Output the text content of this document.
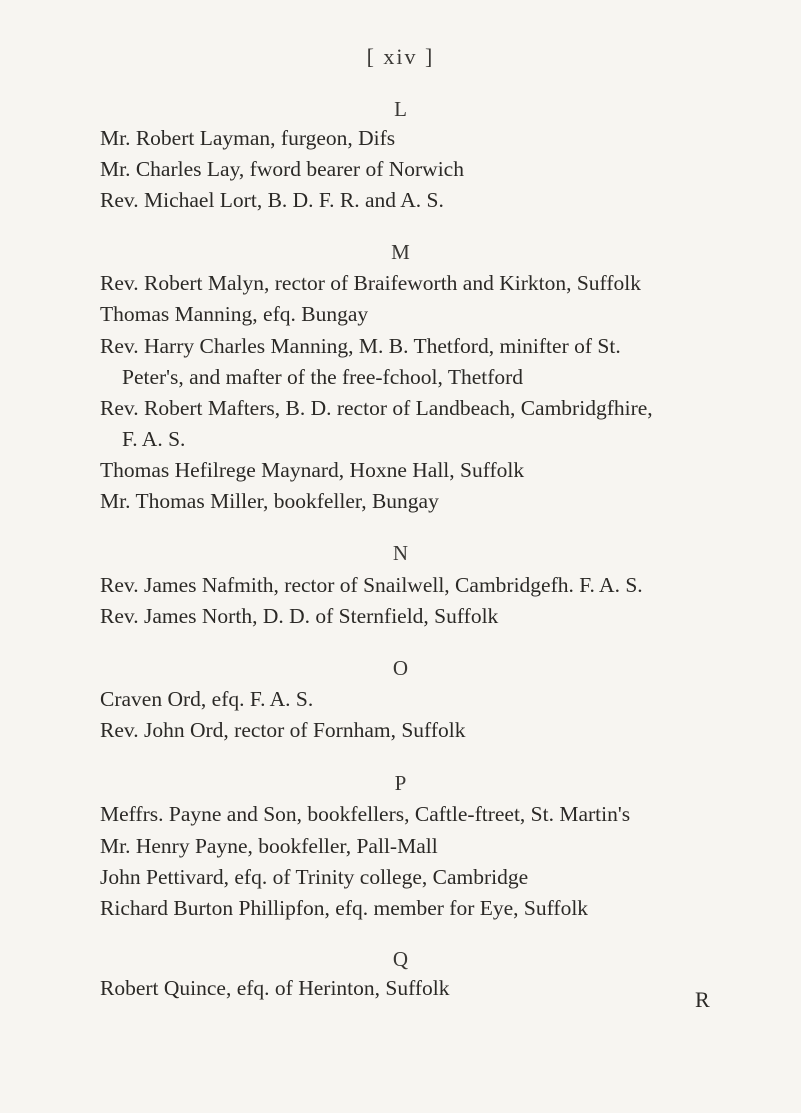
[ xiv ]
L
Mr. Robert Layman, furgeon, Difs
Mr. Charles Lay, fword bearer of Norwich
Rev. Michael Lort, B. D. F. R. and A. S.
M
Rev. Robert Malyn, rector of Braifeworth and Kirkton, Suffolk
Thomas Manning, efq. Bungay
Rev. Harry Charles Manning, M. B. Thetford, minifter of St.
Peter's, and mafter of the free-fchool, Thetford
Rev. Robert Mafters, B. D. rector of Landbeach, Cambridgfhire,
F. A. S.
Thomas Hefilrege Maynard, Hoxne Hall, Suffolk
Mr. Thomas Miller, bookfeller, Bungay
N
Rev. James Nafmith, rector of Snailwell, Cambridgefh. F. A. S.
Rev. James North, D. D. of Sternfield, Suffolk
O
Craven Ord, efq. F. A. S.
Rev. John Ord, rector of Fornham, Suffolk
P
Meffrs. Payne and Son, bookfellers, Caftle-ftreet, St. Martin's
Mr. Henry Payne, bookfeller, Pall-Mall
John Pettivard, efq. of Trinity college, Cambridge
Richard Burton Phillipfon, efq. member for Eye, Suffolk
Q
Robert Quince, efq. of Herinton, Suffolk	R
